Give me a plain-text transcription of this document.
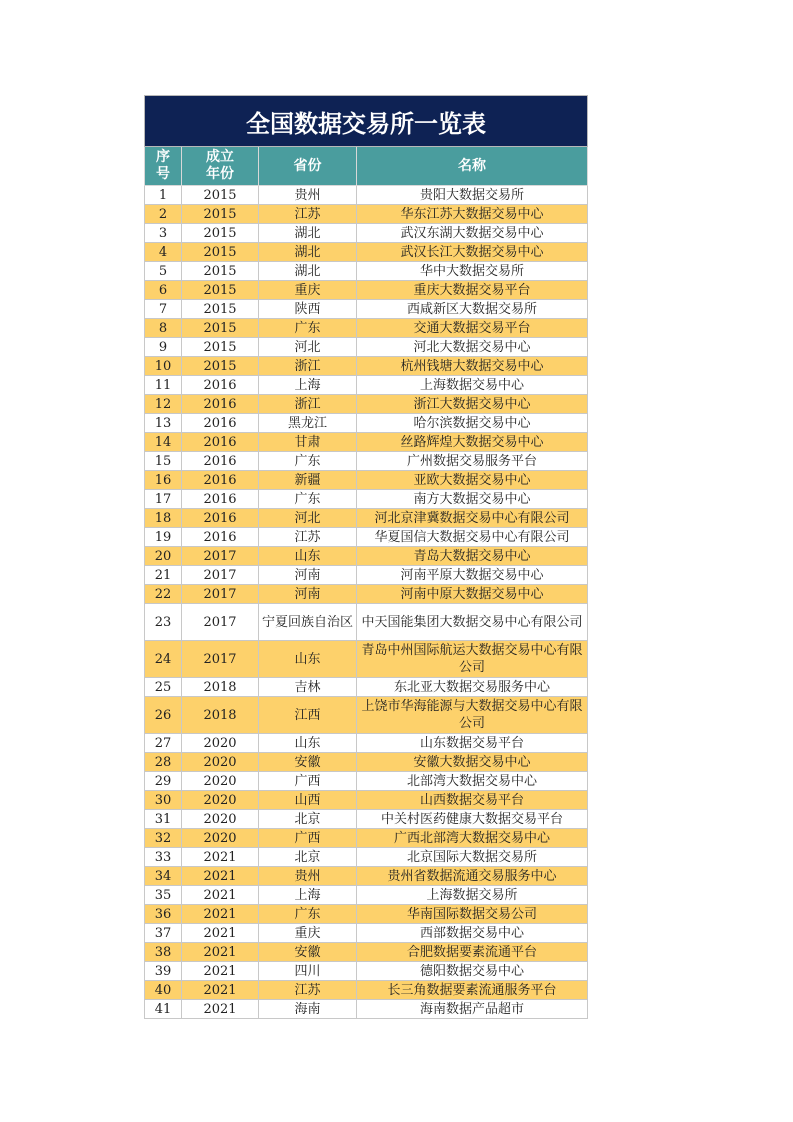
全国数据交易所一览表			
序号	成立年份	省份	名称
1	2015	贵州	贵阳大数据交易所
2	2015	江苏	华东江苏大数据交易中心
3	2015	湖北	武汉东湖大数据交易中心
4	2015	湖北	武汉长江大数据交易中心
5	2015	湖北	华中大数据交易所
6	2015	重庆	重庆大数据交易平台
7	2015	陕西	西咸新区大数据交易所
8	2015	广东	交通大数据交易平台
9	2015	河北	河北大数据交易中心
10	2015	浙江	杭州钱塘大数据交易中心
11	2016	上海	上海数据交易中心
12	2016	浙江	浙江大数据交易中心
13	2016	黑龙江	哈尔滨数据交易中心
14	2016	甘肃	丝路辉煌大数据交易中心
15	2016	广东	广州数据交易服务平台
16	2016	新疆	亚欧大数据交易中心
17	2016	广东	南方大数据交易中心
18	2016	河北	河北京津冀数据交易中心有限公司
19	2016	江苏	华夏国信大数据交易中心有限公司
20	2017	山东	青岛大数据交易中心
21	2017	河南	河南平原大数据交易中心
22	2017	河南	河南中原大数据交易中心
23	2017	宁夏回族自治区	中天国能集团大数据交易中心有限公司
24	2017	山东	青岛中州国际航运大数据交易中心有限公司
25	2018	吉林	东北亚大数据交易服务中心
26	2018	江西	上饶市华海能源与大数据交易中心有限公司
27	2020	山东	山东数据交易平台
28	2020	安徽	安徽大数据交易中心
29	2020	广西	北部湾大数据交易中心
30	2020	山西	山西数据交易平台
31	2020	北京	中关村医药健康大数据交易平台
32	2020	广西	广西北部湾大数据交易中心
33	2021	北京	北京国际大数据交易所
34	2021	贵州	贵州省数据流通交易服务中心
35	2021	上海	上海数据交易所
36	2021	广东	华南国际数据交易公司
37	2021	重庆	西部数据交易中心
38	2021	安徽	合肥数据要素流通平台
39	2021	四川	德阳数据交易中心
40	2021	江苏	长三角数据要素流通服务平台
41	2021	海南	海南数据产品超市
